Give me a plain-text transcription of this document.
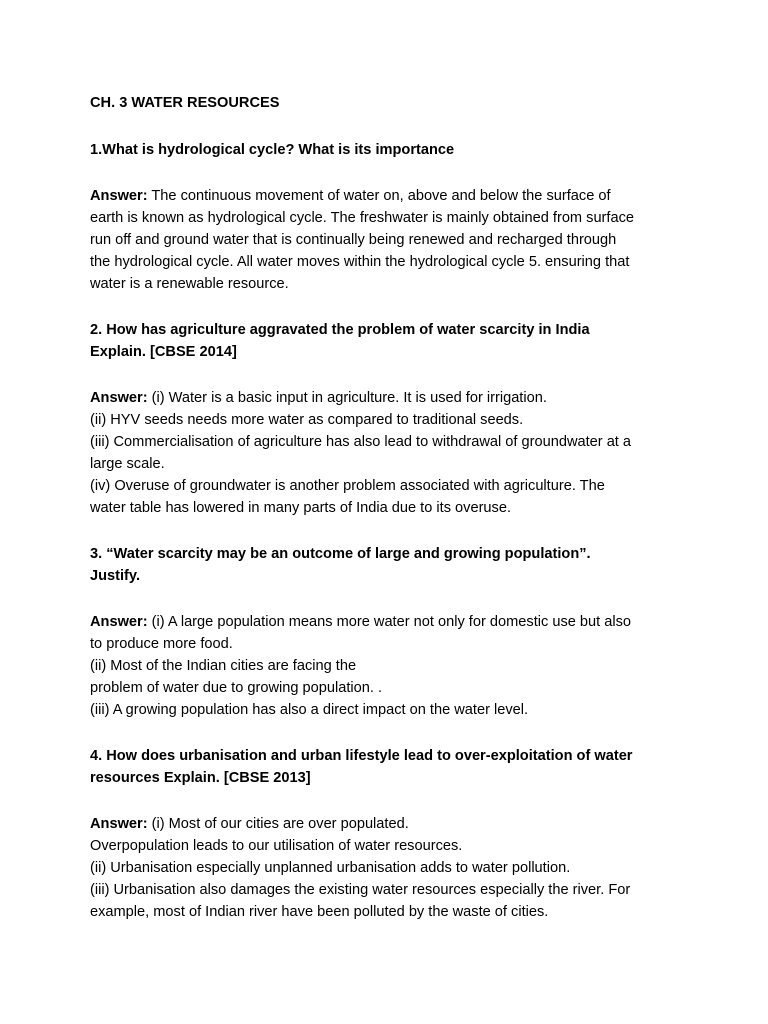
CH. 3 WATER RESOURCES
1.What is hydrological cycle? What is its importance
Answer: The continuous movement of water on, above and below the surface of
earth is known as hydrological cycle. The freshwater is mainly obtained from surface
run off and ground water that is continually being renewed and recharged through
the hydrological cycle. All water moves within the hydrological cycle 5. ensuring that
water is a renewable resource.
2. How has agriculture aggravated the problem of water scarcity in India
Explain. [CBSE 2014]
Answer: (i) Water is a basic input in agriculture. It is used for irrigation.
(ii) HYV seeds needs more water as compared to traditional seeds.
(iii) Commercialisation of agriculture has also lead to withdrawal of groundwater at a
large scale.
(iv) Overuse of groundwater is another problem associated with agriculture. The
water table has lowered in many parts of India due to its overuse.
3. “Water scarcity may be an outcome of large and growing population”.
Justify.
Answer: (i) A large population means more water not only for domestic use but also
to produce more food.
(ii) Most of the Indian cities are facing the
problem of water due to growing population. .
(iii) A growing population has also a direct impact on the water level.
4. How does urbanisation and urban lifestyle lead to over-exploitation of water
resources Explain. [CBSE 2013]
Answer: (i) Most of our cities are over populated.
Overpopulation leads to our utilisation of water resources.
(ii) Urbanisation especially unplanned urbanisation adds to water pollution.
(iii) Urbanisation also damages the existing water resources especially the river. For
example, most of Indian river have been polluted by the waste of cities.
